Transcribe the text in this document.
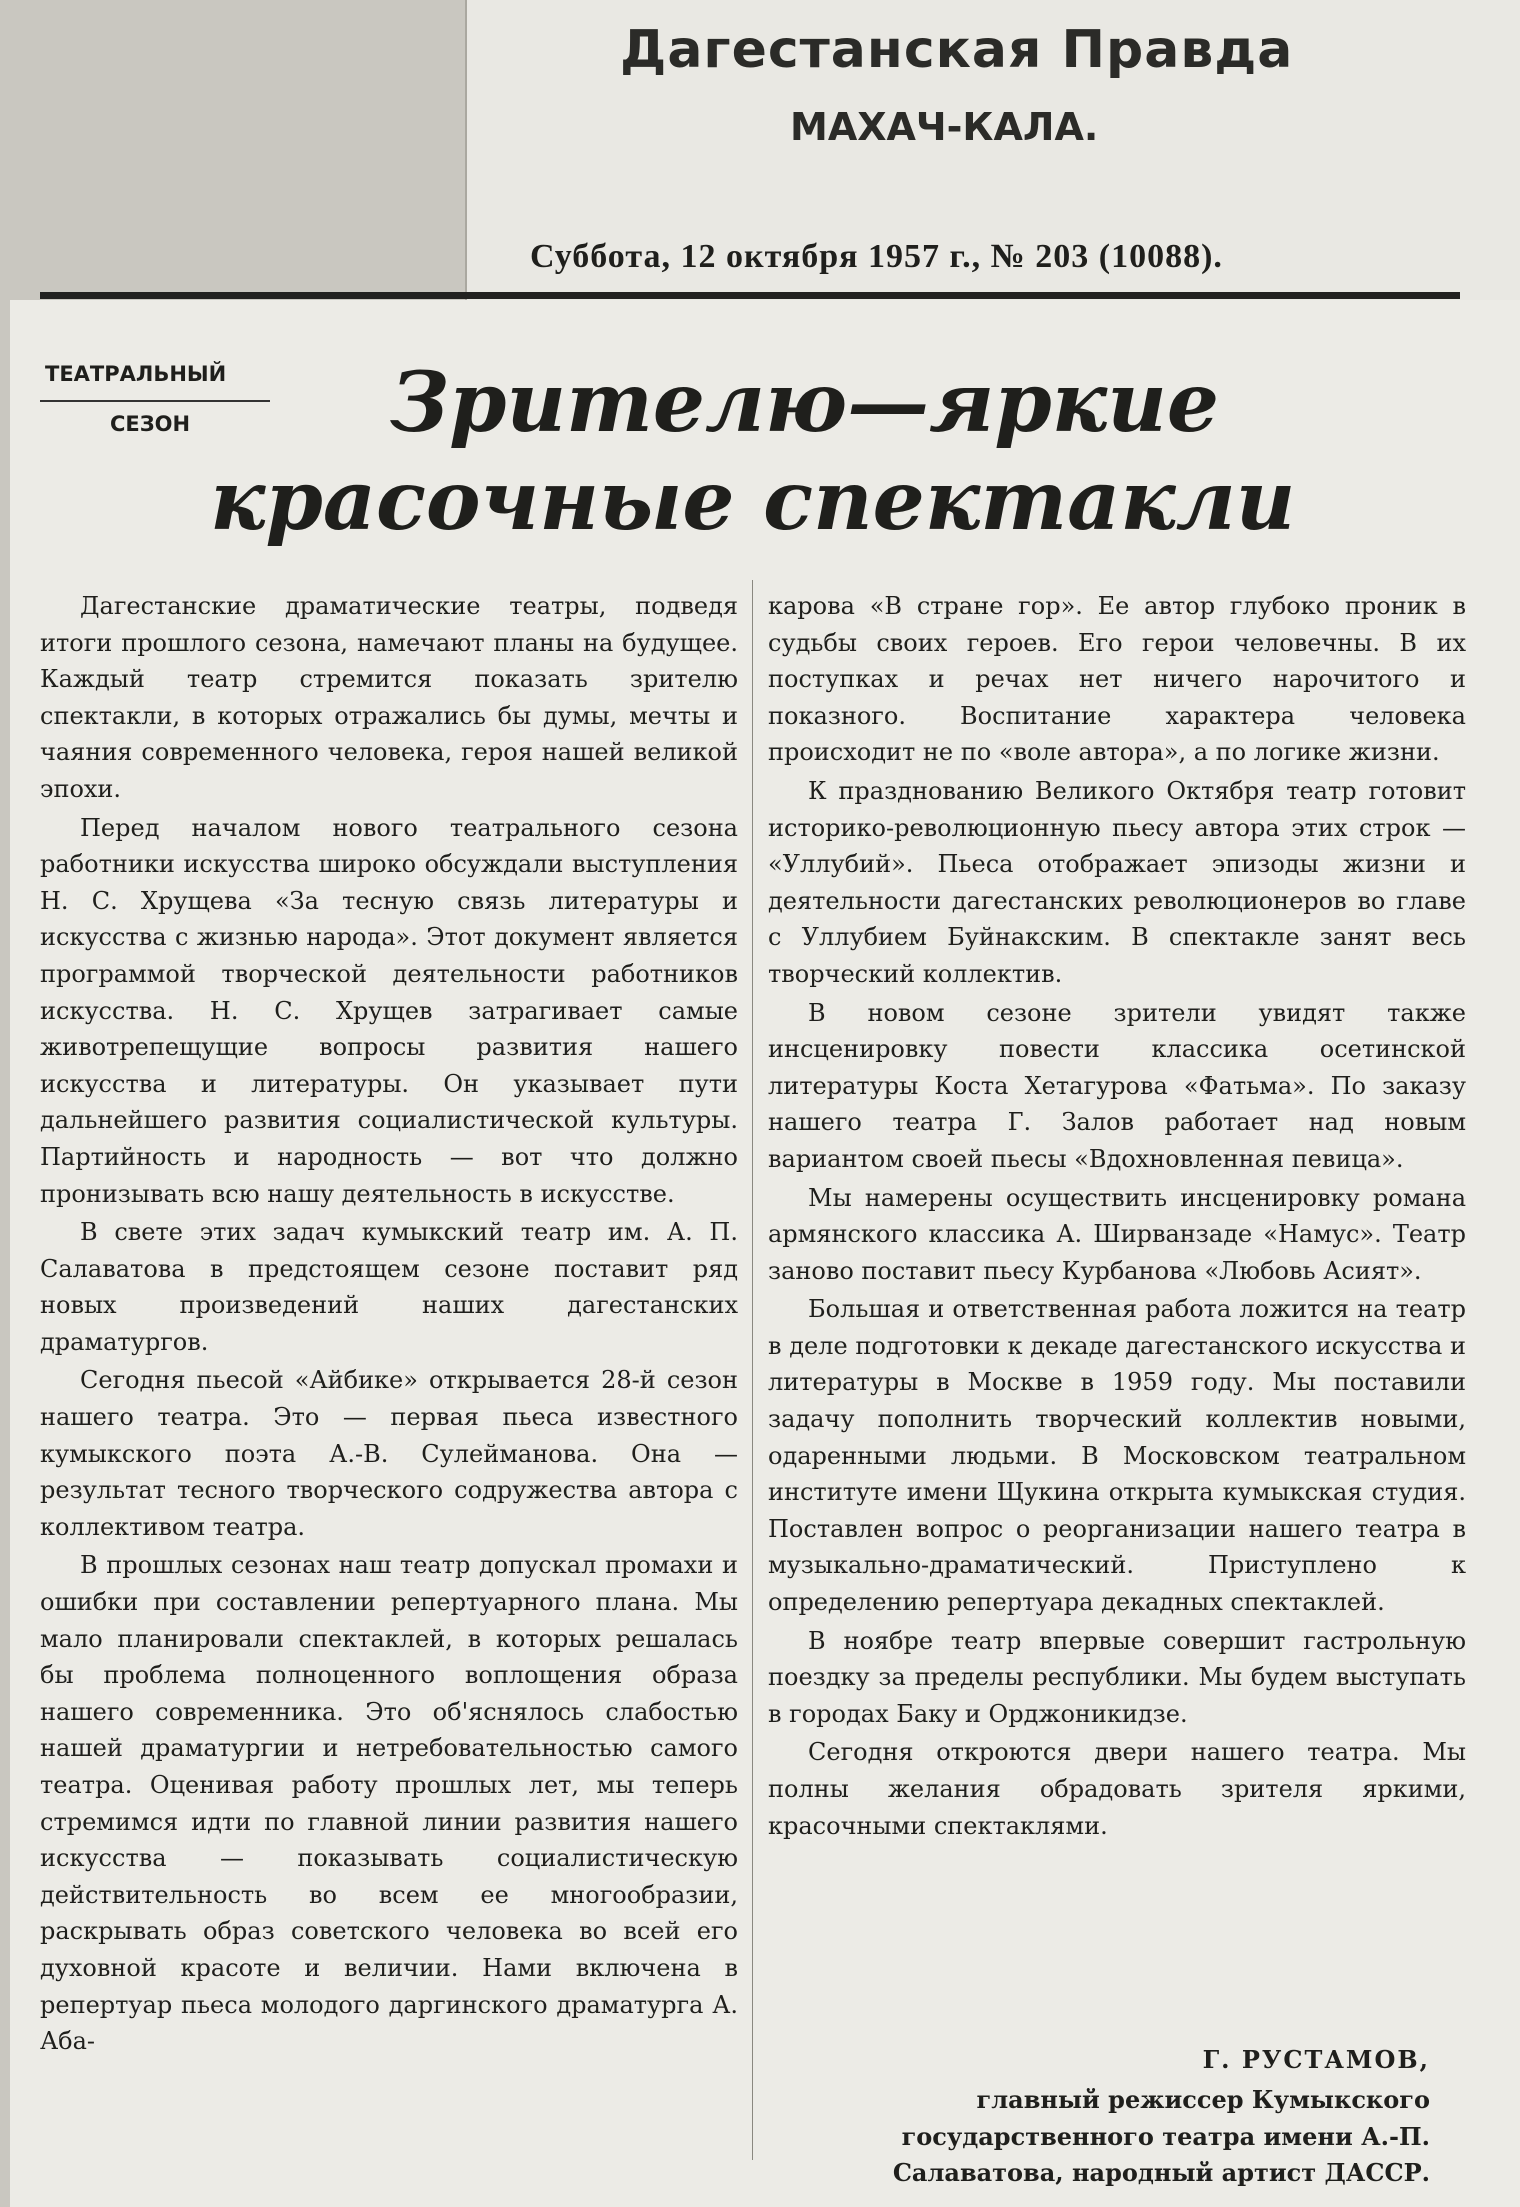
Дагестанская Правда
МАХАЧ-КАЛА.
Суббота, 12 октября 1957 г., № 203 (10088).
ТЕАТРАЛЬНЫЙ
СЕЗОН	Зрителю—яркие
красочные спектакли

Дагестанские драматические театры, подведя итоги прошлого сезона, намечают планы на будущее. Каждый театр стремится показать зрителю спектакли, в которых отражались бы думы, мечты и чаяния современного человека, героя нашей великой эпохи.

Перед началом нового театрального сезона работники искусства широко обсуждали выступления Н. С. Хрущева «За тесную связь литературы и искусства с жизнью народа». Этот документ является программой творческой деятельности работников искусства. Н. С. Хрущев затрагивает самые животрепещущие вопросы развития нашего искусства и литературы. Он указывает пути дальнейшего развития социалистической культуры. Партийность и народность — вот что должно пронизывать всю нашу деятельность в искусстве.

В свете этих задач кумыкский театр им. А. П. Салаватова в предстоящем сезоне поставит ряд новых произведений наших дагестанских драматургов.

Сегодня пьесой «Айбике» открывается 28-й сезон нашего театра. Это — первая пьеса известного кумыкского поэта А.-В. Сулейманова. Она — результат тесного творческого содружества автора с коллективом театра.

В прошлых сезонах наш театр допускал промахи и ошибки при составлении репертуарного плана. Мы мало планировали спектаклей, в которых решалась бы проблема полноценного воплощения образа нашего современника. Это об'яснялось слабостью нашей драматургии и нетребовательностью самого театра. Оценивая работу прошлых лет, мы теперь стремимся идти по главной линии развития нашего искусства — показывать социалистическую действительность во всем ее многообразии, раскрывать образ советского человека во всей его духовной красоте и величии. Нами включена в репертуар пьеса молодого даргинского драматурга А. Аба-

карова «В стране гор». Ее автор глубоко проник в судьбы своих героев. Его герои человечны. В их поступках и речах нет ничего нарочитого и показного. Воспитание характера человека происходит не по «воле автора», а по логике жизни.

К празднованию Великого Октября театр готовит историко-революционную пьесу автора этих строк — «Уллубий». Пьеса отображает эпизоды жизни и деятельности дагестанских революционеров во главе с Уллубием Буйнакским. В спектакле занят весь творческий коллектив.

В новом сезоне зрители увидят также инсценировку повести классика осетинской литературы Коста Хетагурова «Фатьма». По заказу нашего театра Г. Залов работает над новым вариантом своей пьесы «Вдохновленная певица».

Мы намерены осуществить инсценировку романа армянского классика А. Ширванзаде «Намус». Театр заново поставит пьесу Курбанова «Любовь Асият».

Большая и ответственная работа ложится на театр в деле подготовки к декаде дагестанского искусства и литературы в Москве в 1959 году. Мы поставили задачу пополнить творческий коллектив новыми, одаренными людьми. В Московском театральном институте имени Щукина открыта кумыкская студия. Поставлен вопрос о реорганизации нашего театра в музыкально-драматический. Приступлено к определению репертуара декадных спектаклей.

В ноябре театр впервые совершит гастрольную поездку за пределы республики. Мы будем выступать в городах Баку и Орджоникидзе.

Сегодня откроются двери нашего театра. Мы полны желания обрадовать зрителя яркими, красочными спектаклями.

Г. РУСТАМОВ,
главный режиссер Кумыкского государственного театра имени А.-П. Салаватова, народный артист ДАССР.
